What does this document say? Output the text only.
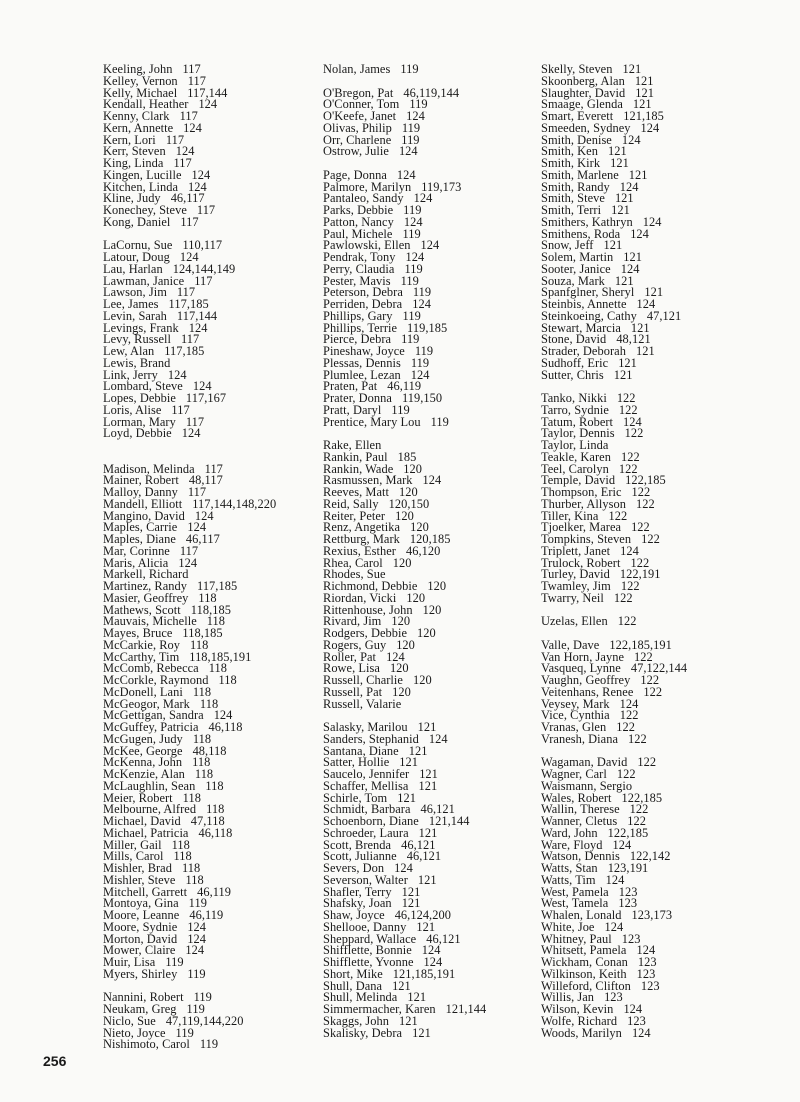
Keeling, John 117
Kelley, Vernon 117
Kelly, Michael 117,144
Kendall, Heather 124
Kenny, Clark 117
Kern, Annette 124
Kern, Lori 117
Kerr, Steven 124
King, Linda 117
Kingen, Lucille 124
Kitchen, Linda 124
Kline, Judy 46,117
Konechey, Steve 117
Kong, Daniel 117
LaCornu, Sue 110,117
Latour, Doug 124
Lau, Harlan 124,144,149
Lawman, Janice 117
Lawson, Jim 117
Lee, James 117,185
Levin, Sarah 117,144
Levings, Frank 124
Levy, Russell 117
Lew, Alan 117,185
Lewis, Brand
Link, Jerry 124
Lombard, Steve 124
Lopes, Debbie 117,167
Loris, Alise 117
Lorman, Mary 117
Loyd, Debbie 124
Madison, Melinda 117
Mainer, Robert 48,117
Malloy, Danny 117
Mandell, Elliott 117,144,148,220
Mangino, David 124
Maples, Carrie 124
Maples, Diane 46,117
Mar, Corinne 117
Maris, Alicia 124
Markell, Richard
Martinez, Randy 117,185
Masier, Geoffrey 118
Mathews, Scott 118,185
Mauvais, Michelle 118
Mayes, Bruce 118,185
McCarkie, Roy 118
McCarthy, Tim 118,185,191
McComb, Rebecca 118
McCorkle, Raymond 118
McDonell, Lani 118
McGeogor, Mark 118
McGettigan, Sandra 124
McGuffey, Patricia 46,118
McGugen, Judy 118
McKee, George 48,118
McKenna, John 118
McKenzie, Alan 118
McLaughlin, Sean 118
Meier, Robert 118
Melbourne, Alfred 118
Michael, David 47,118
Michael, Patricia 46,118
Miller, Gail 118
Mills, Carol 118
Mishler, Brad 118
Mishler, Steve 118
Mitchell, Garrett 46,119
Montoya, Gina 119
Moore, Leanne 46,119
Moore, Sydnie 124
Morton, David 124
Mower, Claire 124
Muir, Lisa 119
Myers, Shirley 119
Nannini, Robert 119
Neukam, Greg 119
Niclo, Sue 47,119,144,220
Nieto, Joyce 119
Nishimoto, Carol 119
Nolan, James 119
O'Bregon, Pat 46,119,144
O'Conner, Tom 119
O'Keefe, Janet 124
Olivas, Philip 119
Orr, Charlene 119
Ostrow, Julie 124
Page, Donna 124
Palmore, Marilyn 119,173
Pantaleo, Sandy 124
Parks, Debbie 119
Patton, Nancy 124
Paul, Michele 119
Pawlowski, Ellen 124
Pendrak, Tony 124
Perry, Claudia 119
Pester, Mavis 119
Peterson, Debra 119
Perriden, Debra 124
Phillips, Gary 119
Phillips, Terrie 119,185
Pierce, Debra 119
Pineshaw, Joyce 119
Plessas, Dennis 119
Plumlee, Lezan 124
Praten, Pat 46,119
Prater, Donna 119,150
Pratt, Daryl 119
Prentice, Mary Lou 119
Rake, Ellen
Rankin, Paul 185
Rankin, Wade 120
Rasmussen, Mark 124
Reeves, Matt 120
Reid, Sally 120,150
Reiter, Peter 120
Renz, Angetika 120
Rettburg, Mark 120,185
Rexius, Esther 46,120
Rhea, Carol 120
Rhodes, Sue
Richmond, Debbie 120
Riordan, Vicki 120
Rittenhouse, John 120
Rivard, Jim 120
Rodgers, Debbie 120
Rogers, Guy 120
Roller, Pat 124
Rowe, Lisa 120
Russell, Charlie 120
Russell, Pat 120
Russell, Valarie
Salasky, Marilou 121
Sanders, Stephanid 124
Santana, Diane 121
Satter, Hollie 121
Saucelo, Jennifer 121
Schaffer, Mellisa 121
Schirle, Tom 121
Schmidt, Barbara 46,121
Schoenborn, Diane 121,144
Schroeder, Laura 121
Scott, Brenda 46,121
Scott, Julianne 46,121
Severs, Don 124
Severson, Walter 121
Shafler, Terry 121
Shafsky, Joan 121
Shaw, Joyce 46,124,200
Shellooe, Danny 121
Sheppard, Wallace 46,121
Shifflette, Bonnie 124
Shifflette, Yvonne 124
Short, Mike 121,185,191
Shull, Dana 121
Shull, Melinda 121
Simmermacher, Karen 121,144
Skaggs, John 121
Skalisky, Debra 121
Skelly, Steven 121
Skoonberg, Alan 121
Slaughter, David 121
Smaage, Glenda 121
Smart, Everett 121,185
Smeeden, Sydney 124
Smith, Denise 124
Smith, Ken 121
Smith, Kirk 121
Smith, Marlene 121
Smith, Randy 124
Smith, Steve 121
Smith, Terri 121
Smithers, Kathryn 124
Smithens, Roda 124
Snow, Jeff 121
Solem, Martin 121
Sooter, Janice 124
Souza, Mark 121
Spanfglner, Sheryl 121
Steinbis, Annette 124
Steinkoeing, Cathy 47,121
Stewart, Marcia 121
Stone, David 48,121
Strader, Deborah 121
Sudhoff, Eric 121
Sutter, Chris 121
Tanko, Nikki 122
Tarro, Sydnie 122
Tatum, Robert 124
Taylor, Dennis 122
Taylor, Linda
Teakle, Karen 122
Teel, Carolyn 122
Temple, David 122,185
Thompson, Eric 122
Thurber, Allyson 122
Tiller, Kina 122
Tjoelker, Marea 122
Tompkins, Steven 122
Triplett, Janet 124
Trulock, Robert 122
Turley, David 122,191
Twamley, Jim 122
Twarry, Neil 122
Uzelas, Ellen 122
Valle, Dave 122,185,191
Van Horn, Jayne 122
Vasqueq, Lynne 47,122,144
Vaughn, Geoffrey 122
Veitenhans, Renee 122
Veysey, Mark 124
Vice, Cynthia 122
Vranas, Glen 122
Vranesh, Diana 122
Wagaman, David 122
Wagner, Carl 122
Waismann, Sergio
Wales, Robert 122,185
Wallin, Therese 122
Wanner, Cletus 122
Ward, John 122,185
Ware, Floyd 124
Watson, Dennis 122,142
Watts, Stan 123,191
Watts, Tim 124
West, Pamela 123
West, Tamela 123
Whalen, Lonald 123,173
White, Joe 124
Whitney, Paul 123
Whitsett, Pamela 124
Wickham, Conan 123
Wilkinson, Keith 123
Willeford, Clifton 123
Willis, Jan 123
Wilson, Kevin 124
Wolfe, Richard 123
Woods, Marilyn 124
256
